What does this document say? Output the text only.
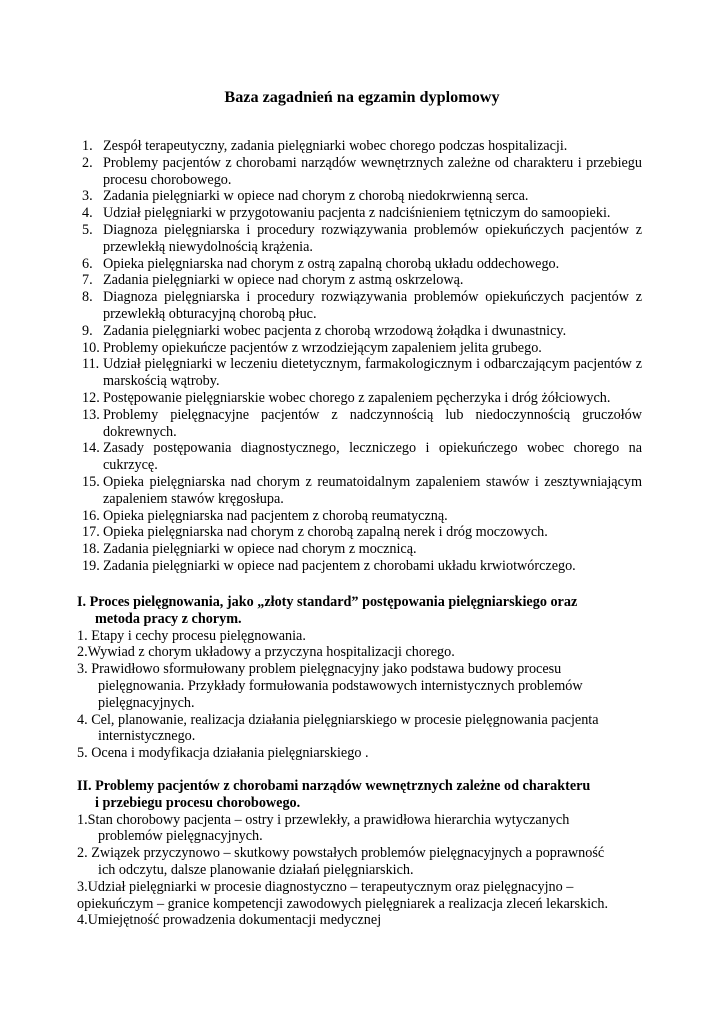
Baza zagadnień na egzamin dyplomowy
1. Zespół terapeutyczny, zadania pielęgniarki wobec chorego podczas hospitalizacji.
2. Problemy pacjentów z chorobami narządów wewnętrznych zależne od charakteru i przebiegu procesu chorobowego.
3. Zadania pielęgniarki w opiece nad chorym z chorobą niedokrwienną serca.
4. Udział pielęgniarki w przygotowaniu pacjenta z nadciśnieniem tętniczym do samoopieki.
5. Diagnoza pielęgniarska i procedury rozwiązywania problemów opiekuńczych pacjentów z przewlekłą niewydolnością krążenia.
6. Opieka pielęgniarska nad chorym z ostrą zapalną chorobą układu oddechowego.
7. Zadania pielęgniarki w opiece nad chorym z astmą oskrzelową.
8. Diagnoza pielęgniarska i procedury rozwiązywania problemów opiekuńczych pacjentów z przewlekłą obturacyjną chorobą płuc.
9. Zadania pielęgniarki wobec pacjenta z chorobą wrzodową żołądka i dwunastnicy.
10. Problemy opiekuńcze pacjentów z wrzodziejącym zapaleniem jelita grubego.
11. Udział pielęgniarki w leczeniu dietetycznym, farmakologicznym i odbarczającym pacjentów z marskością wątroby.
12. Postępowanie pielęgniarskie wobec chorego z zapaleniem pęcherzyka i dróg żółciowych.
13. Problemy pielęgnacyjne pacjentów z nadczynnością lub niedoczynnością gruczołów dokrewnych.
14. Zasady postępowania diagnostycznego, leczniczego i opiekuńczego wobec chorego na cukrzycę.
15. Opieka pielęgniarska nad chorym z reumatoidalnym zapaleniem stawów i zesztywniającym zapaleniem stawów kręgosłupa.
16. Opieka pielęgniarska nad pacjentem z chorobą reumatyczną.
17. Opieka pielęgniarska nad chorym z chorobą zapalną nerek i dróg moczowych.
18. Zadania pielęgniarki w opiece nad chorym z mocznicą.
19. Zadania pielęgniarki w opiece nad pacjentem z chorobami układu krwiotwórczego.
I. Proces pielęgnowania, jako „złoty standard” postępowania pielęgniarskiego oraz
metoda pracy z chorym.
1. Etapy i cechy procesu pielęgnowania.
2.Wywiad z chorym układowy a przyczyna hospitalizacji chorego.
3. Prawidłowo sformułowany problem pielęgnacyjny jako podstawa budowy procesu
pielęgnowania. Przykłady formułowania podstawowych internistycznych problemów pielęgnacyjnych.
4. Cel, planowanie, realizacja działania pielęgniarskiego w procesie pielęgnowania pacjenta
internistycznego.
5. Ocena i modyfikacja działania pielęgniarskiego .
II. Problemy pacjentów z chorobami narządów wewnętrznych zależne od charakteru
i przebiegu procesu chorobowego.
1.Stan chorobowy pacjenta – ostry i przewlekły, a prawidłowa hierarchia wytyczanych
problemów pielęgnacyjnych.
2. Związek przyczynowo – skutkowy powstałych problemów pielęgnacyjnych a poprawność
ich odczytu, dalsze planowanie działań pielęgniarskich.
3.Udział pielęgniarki w procesie diagnostyczno – terapeutycznym oraz pielęgnacyjno –
opiekuńczym – granice kompetencji zawodowych pielęgniarek a realizacja zleceń lekarskich.
4.Umiejętność prowadzenia dokumentacji medycznej
